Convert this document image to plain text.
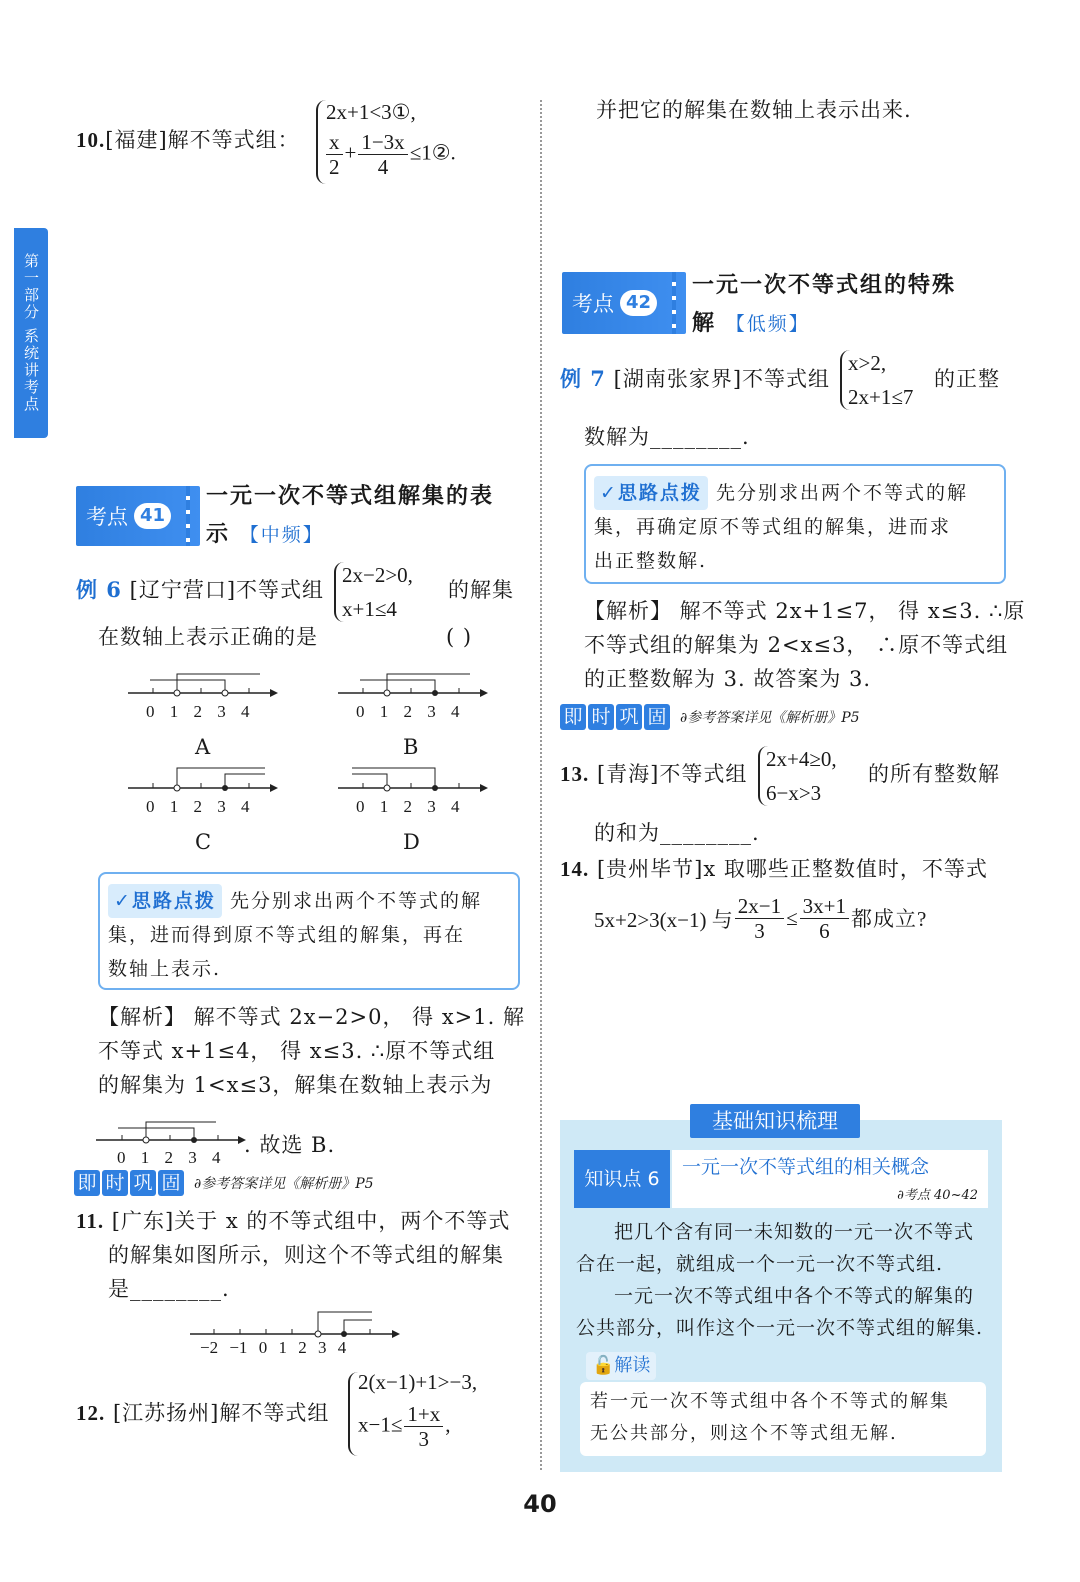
第一部分 系统讲考点
10.[福建]解不等式组：
2x+1<3①,
$\frac{x}{2} + \frac{1-3x}{4}$ ≤1②.
考点 41
一元一次不等式组解集的表
示 【中频】
例 6 [辽宁营口]不等式组
2x−2>0,
x+1≤4
的解集
在数轴上表示正确的是	( )
0 1 2 3 4	0 1 2 3 4
0 1 2 3 4	0 1 2 3 4
A	B
C	D
✓思路点拨 先分别求出两个不等式的解
集，进而得到原不等式组的解集，再在
数轴上表示.
【解析】 解不等式 2x−2>0， 得 x>1. 解
不等式 x+1≤4， 得 x≤3. ∴原不等式组
的解集为 1<x≤3，解集在数轴上表示为
0 1 2 3 4
. 故选 B.
即 时 巩 固 ∂参考答案详见《解析册》P5
11. [广东]关于 x 的不等式组中，两个不等式
的解集如图所示，则这个不等式组的解集
是________.
−2 −1 0 1 2 3 4
12. [江苏扬州]解不等式组
2(x−1)+1>−3,
$x-1\le \frac{1+x}{3}$ ,
并把它的解集在数轴上表示出来.
考点 42
一元一次不等式组的特殊
解 【低频】
例 7 [湖南张家界]不等式组
x>2,
2x+1≤7
的正整
数解为________.
✓思路点拨 先分别求出两个不等式的解
集，再确定原不等式组的解集，进而求
出正整数解.
【解析】 解不等式 2x+1≤7， 得 x≤3. ∴原
不等式组的解集为 2<x≤3， ∴原不等式组
的正整数解为 3. 故答案为 3.
即 时 巩 固 ∂参考答案详见《解析册》P5
13. [青海]不等式组
2x+4≥0,
6−x>3
的所有整数解
的和为________.
14. [贵州毕节]x 取哪些正整数值时，不等式
5x+2>3(x−1) 与 $\frac{2x-1}{3} \le \frac{3x+1}{6}$ 都成立?
基础知识梳理
知识点 6
一元一次不等式组的相关概念
∂考点 40~42
把几个含有同一未知数的一元一次不等式
合在一起，就组成一个一元一次不等式组.
一元一次不等式组中各个不等式的解集的
公共部分，叫作这个一元一次不等式组的解集.
🔓解读
若一元一次不等式组中各个不等式的解集
无公共部分，则这个不等式组无解.
40
